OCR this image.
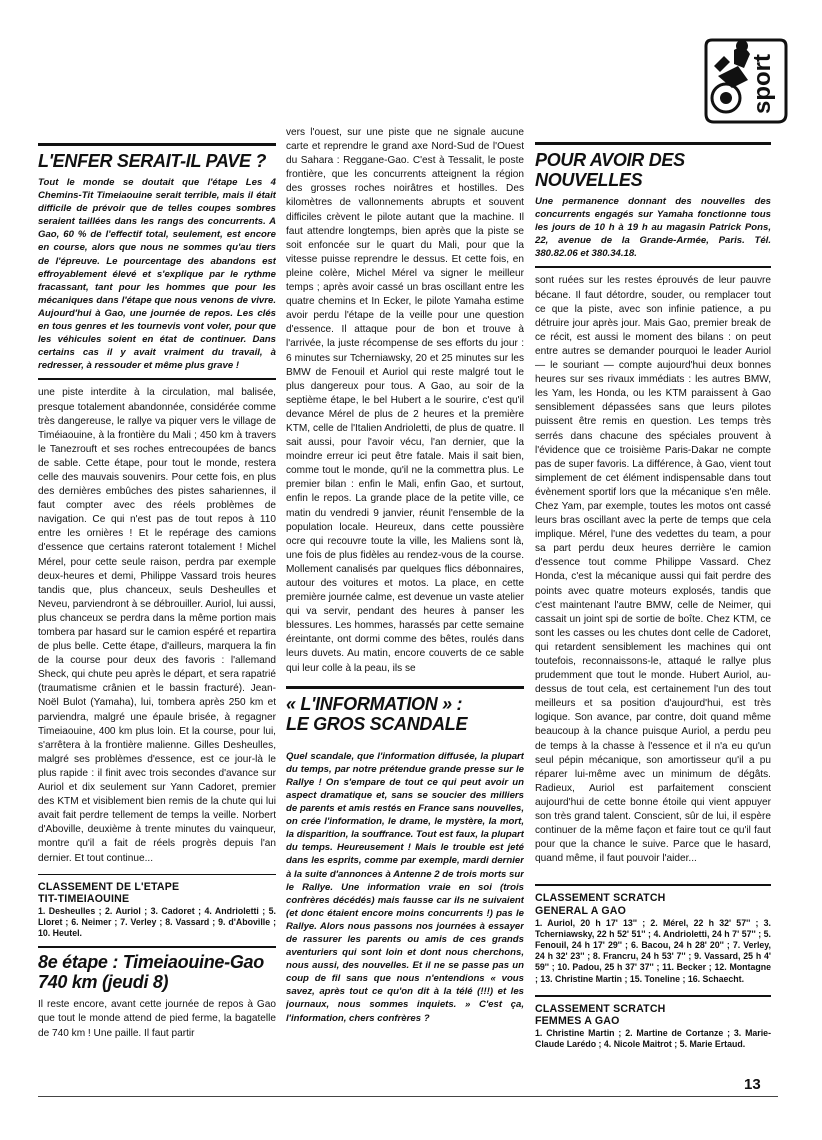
sport
L'ENFER SERAIT-IL PAVE ?

Tout le monde se doutait que l'étape Les 4 Chemins-Tit Timeiaouine serait terrible, mais il était difficile de prévoir que de telles coupes sombres seraient taillées dans les rangs des concurrents. A Gao, 60 % de l'effectif total, seulement, est encore en course, alors que nous ne sommes qu'au tiers de l'épreuve. Le pourcentage des abandons est effroyablement élevé et s'explique par le rythme fracassant, tant pour les hommes que pour les mécaniques dans l'étape que nous venons de vivre. Aujourd'hui à Gao, une journée de repos. Les clés en tous genres et les tournevis vont voler, pour que les véhicules soient en état de continuer. Dans certains cas il y avait vraiment du travail, à redresser, à ressouder et même plus grave !

une piste interdite à la circulation, mal balisée, presque totalement abandonnée, considérée comme très dangereuse, le rallye va piquer vers le village de Timéiaouine, à la frontière du Mali ; 450 km à travers le Tanezrouft et ses roches entrecoupées de bancs de sable. Cette étape, pour tout le monde, restera celle des mauvais souvenirs. Pour cette fois, en plus des dernières embûches des pistes sahariennes, il faut compter avec des réels problèmes de navigation. Ce qui n'est pas de tout repos à 110 entre les ornières ! Et le repérage des camions d'essence que certains rateront totalement ! Michel Mérel, pour cette seule raison, perdra par exemple deux-heures et demi, Philippe Vassard trois heures tandis que, plus chanceux, seuls Desheulles et Neveu, parviendront à se débrouiller. Auriol, lui aussi, plus chanceux se perdra dans la même portion mais tombera par hasard sur le camion espéré et repartira de plus belle. Cette étape, d'ailleurs, marquera la fin de la course pour deux des favoris : l'allemand Sheck, qui chute peu après le départ, et sera rapatrié (traumatisme crânien et le bassin fracturé). Jean-Noël Bulot (Yamaha), lui, tombera après 250 km et parviendra, malgré une épaule brisée, à regagner Timeiaouine, 400 km plus loin. Et la course, pour lui, s'arrêtera à la frontière malienne. Gilles Desheulles, malgré ses problèmes d'essence, est ce jour-là le plus rapide : il finit avec trois secondes d'avance sur Auriol et dix seulement sur Yann Cadoret, premier des KTM et visiblement bien remis de la chute qui lui avait fait perdre tellement de temps la veille. Norbert d'Aboville, deuxième à trente minutes du vainqueur, montre qu'il a fait de réels progrès depuis l'an dernier. Et tout continue...

CLASSEMENT DE L'ETAPE
TIT-TIMEIAOUINE

1. Desheulles ; 2. Auriol ; 3. Cadoret ; 4. Andrioletti ; 5. Lloret ; 6. Neimer ; 7. Verley ; 8. Vassard ; 9. d'Aboville ; 10. Heutel.

8e étape : Timeiaouine-Gao
740 km (jeudi 8)

Il reste encore, avant cette journée de repos à Gao que tout le monde attend de pied ferme, la bagatelle de 740 km ! Une paille. Il faut partir

vers l'ouest, sur une piste que ne signale aucune carte et reprendre le grand axe Nord-Sud de l'Ouest du Sahara : Reggane-Gao. C'est à Tessalit, le poste frontière, que les concurrents atteignent la région des grosses roches noirâtres et hostilles. Des kilomètres de vallonnements abrupts et souvent difficiles crèvent le pilote autant que la machine. Il faut attendre longtemps, bien après que la piste se soit enfoncée sur le quart du Mali, pour que la vitesse puisse reprendre le dessus. Et cette fois, en pleine colère, Michel Mérel va signer le meilleur temps ; après avoir cassé un bras oscillant entre les quatre chemins et In Ecker, le pilote Yamaha estime avoir perdu l'étape de la veille pour une question d'essence. Il attaque pour de bon et trouve à l'arrivée, la juste récompense de ses efforts du jour : 6 minutes sur Tcherniawsky, 20 et 25 minutes sur les BMW de Fenouil et Auriol qui reste malgré tout le plus dangereux pour tous. A Gao, au soir de la septième étape, le bel Hubert a le sourire, c'est qu'il devance Mérel de plus de 2 heures et la première KTM, celle de l'Italien Andrioletti, de plus de quatre. Il sait aussi, pour l'avoir vécu, l'an dernier, que la moindre erreur ici peut être fatale. Mais il sait bien, comme tout le monde, qu'il ne la commettra plus. Le premier bilan : enfin le Mali, enfin Gao, et surtout, enfin le repos. La grande place de la petite ville, ce matin du vendredi 9 janvier, réunit l'ensemble de la population locale. Heureux, dans cette poussière ocre qui recouvre toute la ville, les Maliens sont là, une fois de plus fidèles au rendez-vous de la course. Mollement canalisés par quelques flics débonnaires, autour des voitures et motos. La place, en cette première journée calme, est devenue un vaste atelier qui va servir, pendant des heures à panser les blessures. Les hommes, harassés par cette semaine éreintante, ont dormi comme des bêtes, roulés dans leurs duvets. Au matin, encore couverts de ce sable qui leur colle à la peau, ils se

« L'INFORMATION » :
LE GROS SCANDALE

Quel scandale, que l'information diffusée, la plupart du temps, par notre prétendue grande presse sur le Rallye ! On s'empare de tout ce qui peut avoir un aspect dramatique et, sans se soucier des milliers de parents et amis restés en France sans nouvelles, on crée l'information, le drame, le mystère, la mort, la disparition, la souffrance. Tout est faux, la plupart du temps. Heureusement ! Mais le trouble est jeté dans les esprits, comme par exemple, mardi dernier à la suite d'annonces à Antenne 2 de trois morts sur le Rallye. Une information vraie en soi (trois confrères décédés) mais fausse car ils ne suivaient (et donc étaient encore moins concurrents !) pas le Rallye. Alors nous passons nos journées à essayer de rassurer les parents ou amis de ces grands aventuriers qui sont loin et dont nous cherchons, nous aussi, des nouvelles. Et il ne se passe pas un coup de fil sans que nous n'entendions « vous savez, après tout ce qu'on dit à la télé (!!!) et les journaux, nous sommes inquiets. » C'est ça, l'information, chers confrères ?

POUR AVOIR DES NOUVELLES

Une permanence donnant des nouvelles des concurrents engagés sur Yamaha fonctionne tous les jours de 10 h à 19 h au magasin Patrick Pons, 22, avenue de la Grande-Armée, Paris. Tél. 380.82.06 et 380.34.18.

sont ruées sur les restes éprouvés de leur pauvre bécane. Il faut détordre, souder, ou remplacer tout ce que la piste, avec son infinie patience, a pu détruire jour après jour. Mais Gao, premier break de ce récit, est aussi le moment des bilans : on peut entre autres se demander pourquoi le leader Auriol — le souriant — compte aujourd'hui deux bonnes heures sur ses rivaux immédiats : les autres BMW, les Yam, les Honda, ou les KTM paraissent à Gao sensiblement dépassées sans que leurs pilotes puissent être remis en question. Les temps très serrés dans chacune des spéciales prouvent à l'évidence que ce troisième Paris-Dakar ne compte pas de super favoris. La différence, à Gao, vient tout simplement de cet élément indispensable dans tout évènement sportif lors que la mécanique s'en mêle. Chez Yam, par exemple, toutes les motos ont cassé leurs bras oscillant avec la perte de temps que cela implique. Mérel, l'une des vedettes du team, a pour sa part perdu deux heures derrière le camion d'essence tout comme Philippe Vassard. Chez Honda, c'est la mécanique aussi qui fait perdre des points avec quatre moteurs explosés, tandis que c'est maintenant l'autre BMW, celle de Neimer, qui cassait un joint spi de sortie de boîte. Chez KTM, ce sont les casses ou les chutes dont celle de Cadoret, qui retardent sensiblement les machines qui ont toutefois, reconnaissons-le, attaqué le rallye plus prudemment que tout le monde. Hubert Auriol, au-dessus de tout cela, est certainement l'un des tout meilleurs et sa position d'aujourd'hui, est très logique. Son avance, par contre, doit quand même beaucoup à la chance puisque Auriol, a perdu peu de temps à la chasse à l'essence et il n'a eu qu'un seul pépin mécanique, son amortisseur qu'il a pu réparer lui-même avec un minimum de dégâts. Radieux, Auriol est parfaitement conscient aujourd'hui de cette bonne étoile qui vient appuyer son très grand talent. Conscient, sûr de lui, il espère continuer de la même façon et faire tout ce qu'il faut pour que la chance le suive. Parce que le hasard, quand même, il faut pouvoir l'aider...

CLASSEMENT SCRATCH
GENERAL A GAO

1. Auriol, 20 h 17' 13'' ; 2. Mérel, 22 h 32' 57'' ; 3. Tcherniawsky, 22 h 52' 51'' ; 4. Andrioletti, 24 h 7' 57'' ; 5. Fenouil, 24 h 17' 29'' ; 6. Bacou, 24 h 28' 20'' ; 7. Verley, 24 h 32' 23'' ; 8. Francru, 24 h 53' 7'' ; 9. Vassard, 25 h 4' 59'' ; 10. Padou, 25 h 37' 37'' ; 11. Becker ; 12. Montagne ; 13. Christine Martin ; 15. Toneline ; 16. Schaecht.

CLASSEMENT SCRATCH
FEMMES A GAO

1. Christine Martin ; 2. Martine de Cortanze ; 3. Marie-Claude Larédo ; 4. Nicole Maitrot ; 5. Marie Ertaud.

13
